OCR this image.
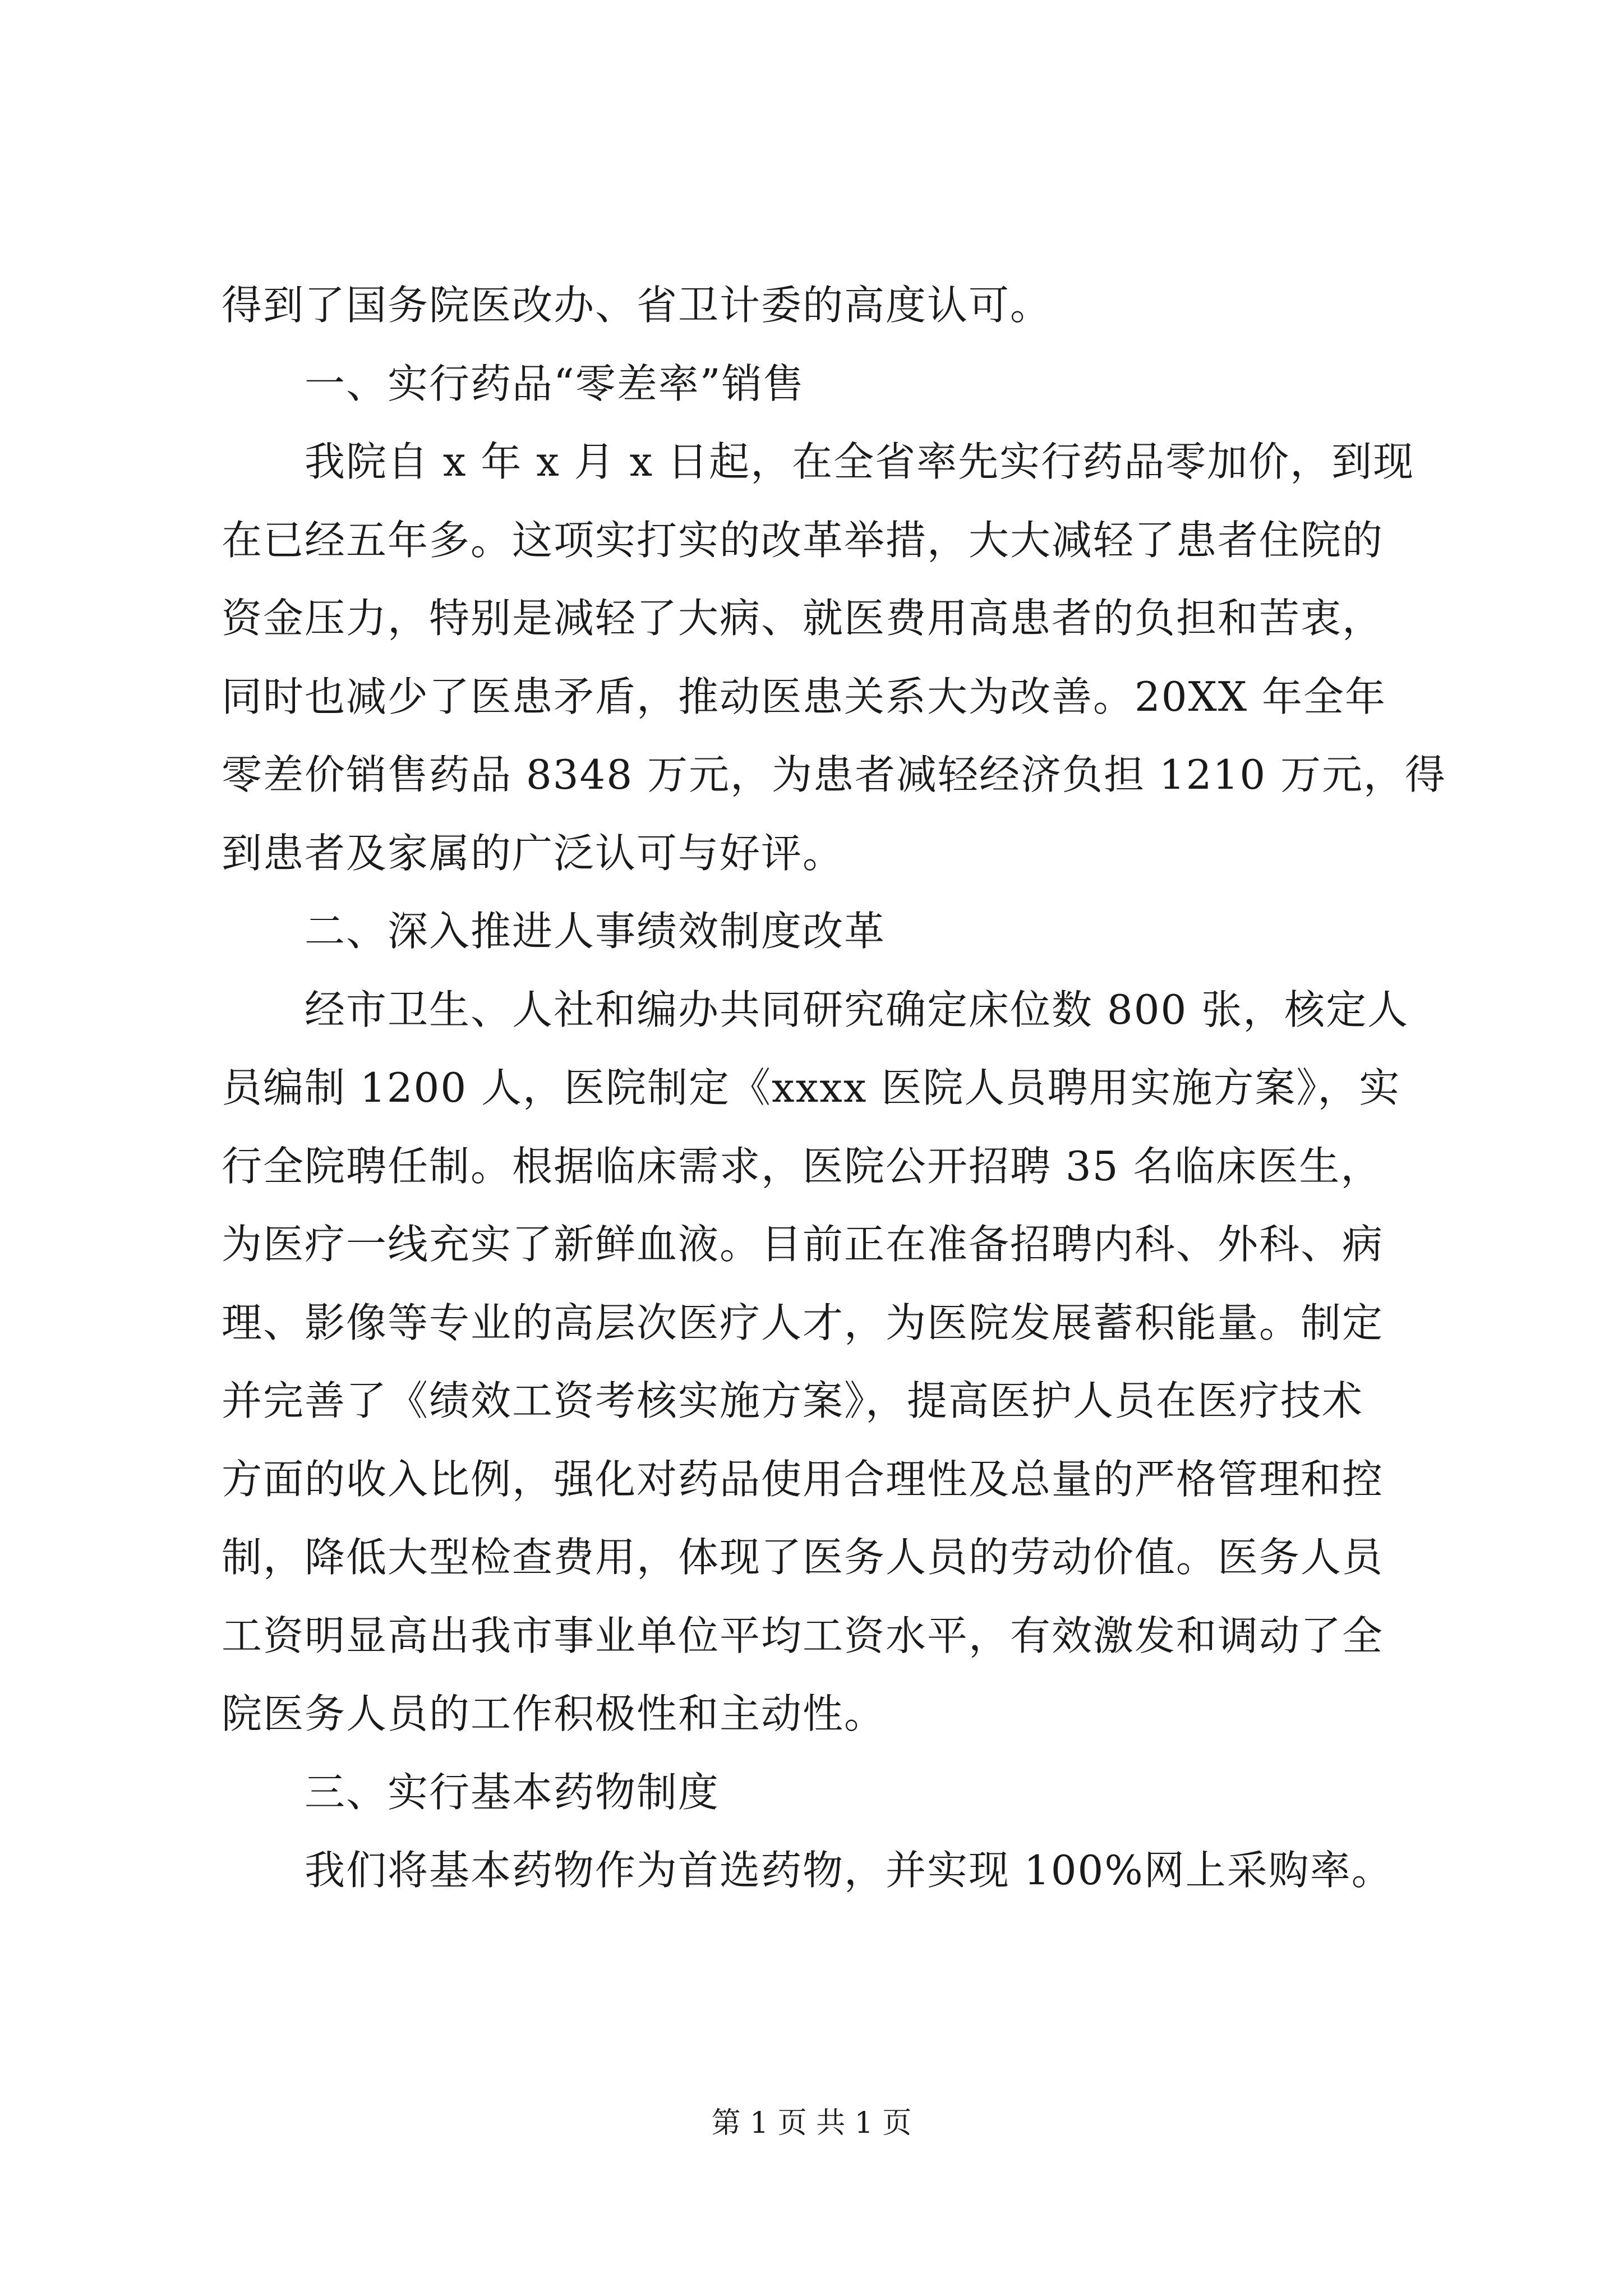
得到了国务院医改办、省卫计委的高度认可。
一、实行药品“零差率”销售
我院自 x 年 x 月 x 日起，在全省率先实行药品零加价，到现
在已经五年多。这项实打实的改革举措，大大减轻了患者住院的
资金压力，特别是减轻了大病、就医费用高患者的负担和苦衷，
同时也减少了医患矛盾，推动医患关系大为改善。20XX 年全年
零差价销售药品 8348 万元，为患者减轻经济负担 1210 万元，得
到患者及家属的广泛认可与好评。
二、深入推进人事绩效制度改革
经市卫生、人社和编办共同研究确定床位数 800 张，核定人
员编制 1200 人，医院制定《xxxx 医院人员聘用实施方案》，实
行全院聘任制。根据临床需求，医院公开招聘 35 名临床医生，
为医疗一线充实了新鲜血液。目前正在准备招聘内科、外科、病
理、影像等专业的高层次医疗人才，为医院发展蓄积能量。制定
并完善了《绩效工资考核实施方案》，提高医护人员在医疗技术
方面的收入比例，强化对药品使用合理性及总量的严格管理和控
制，降低大型检查费用，体现了医务人员的劳动价值。医务人员
工资明显高出我市事业单位平均工资水平，有效激发和调动了全
院医务人员的工作积极性和主动性。
三、实行基本药物制度
我们将基本药物作为首选药物，并实现 100%网上采购率。
第 1 页 共 1 页
